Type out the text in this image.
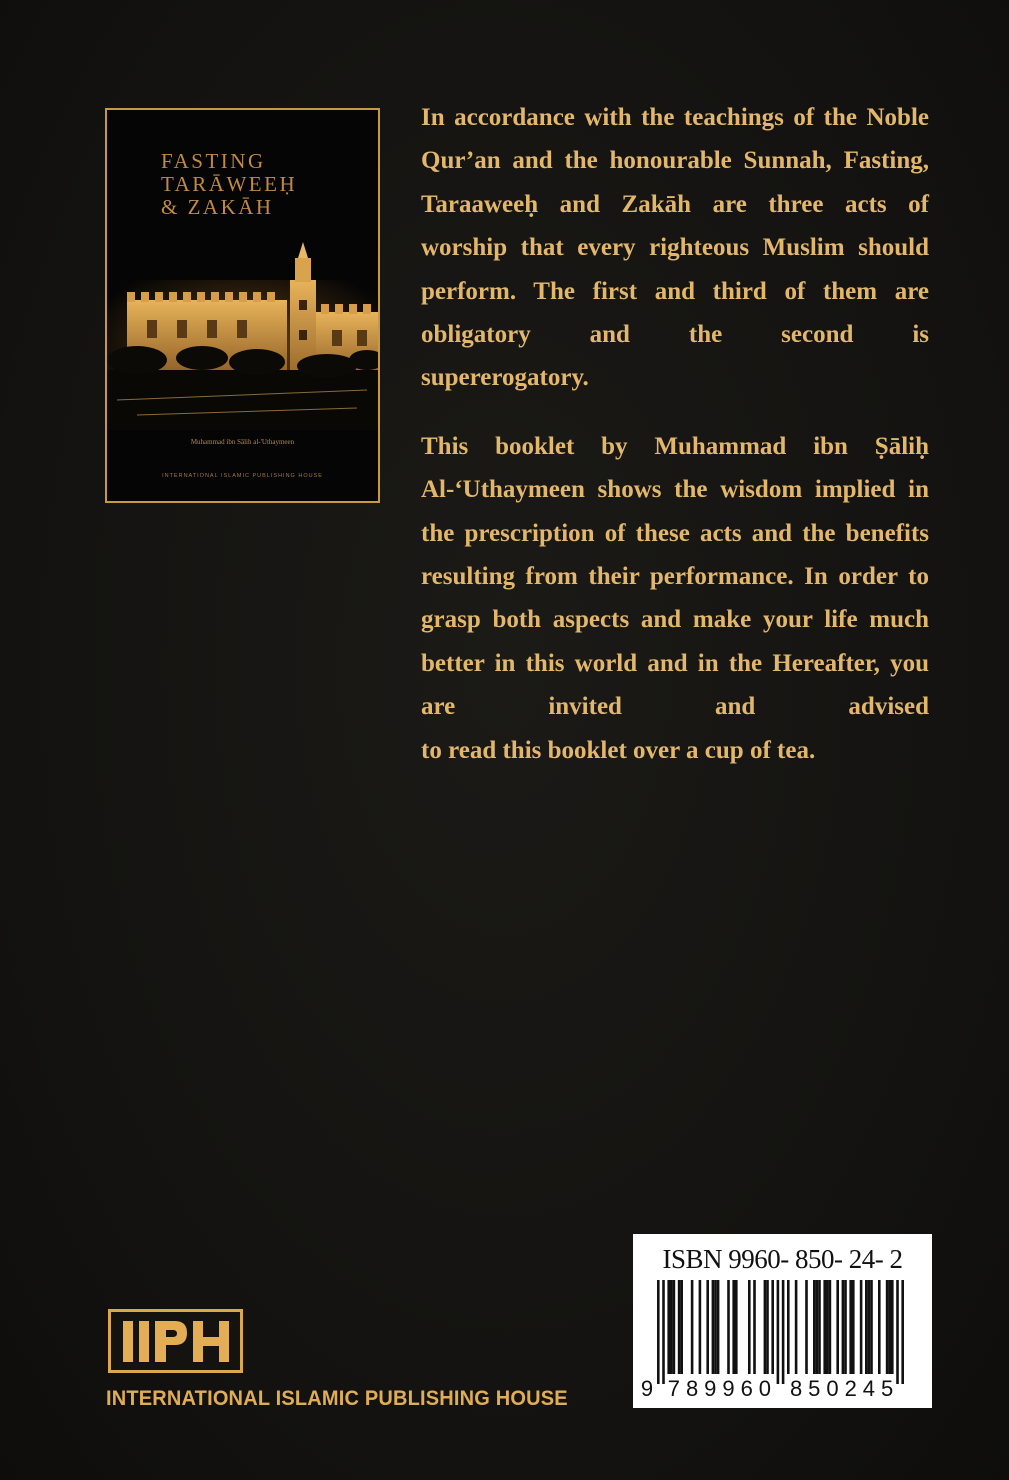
FASTING
TARĀWEEḤ
& ZAKĀH
Muhammad ibn Sālih al-'Uthaymeen
INTERNATIONAL ISLAMIC PUBLISHING HOUSE

In accordance with the teachings of the Noble Qur’an and the honourable Sunnah, Fasting, Taraaweeḥ and Zakāh are three acts of worship that every righteous Muslim should perform. The first and third of them are obligatory and the second is
supererogatory.

This booklet by Muhammad ibn Ṣāliḥ Al-‘Uthaymeen shows the wisdom implied in the prescription of these acts and the benefits resulting from their performance. In order to grasp both aspects and make your life much better in this world and in the Hereafter, you are invited and advised
to read this booklet over a cup of tea.

INTERNATIONAL ISLAMIC PUBLISHING HOUSE
ISBN 9960- 850- 24- 2
9 7 8 9 9 6 0 8 5 0 2 4 5
